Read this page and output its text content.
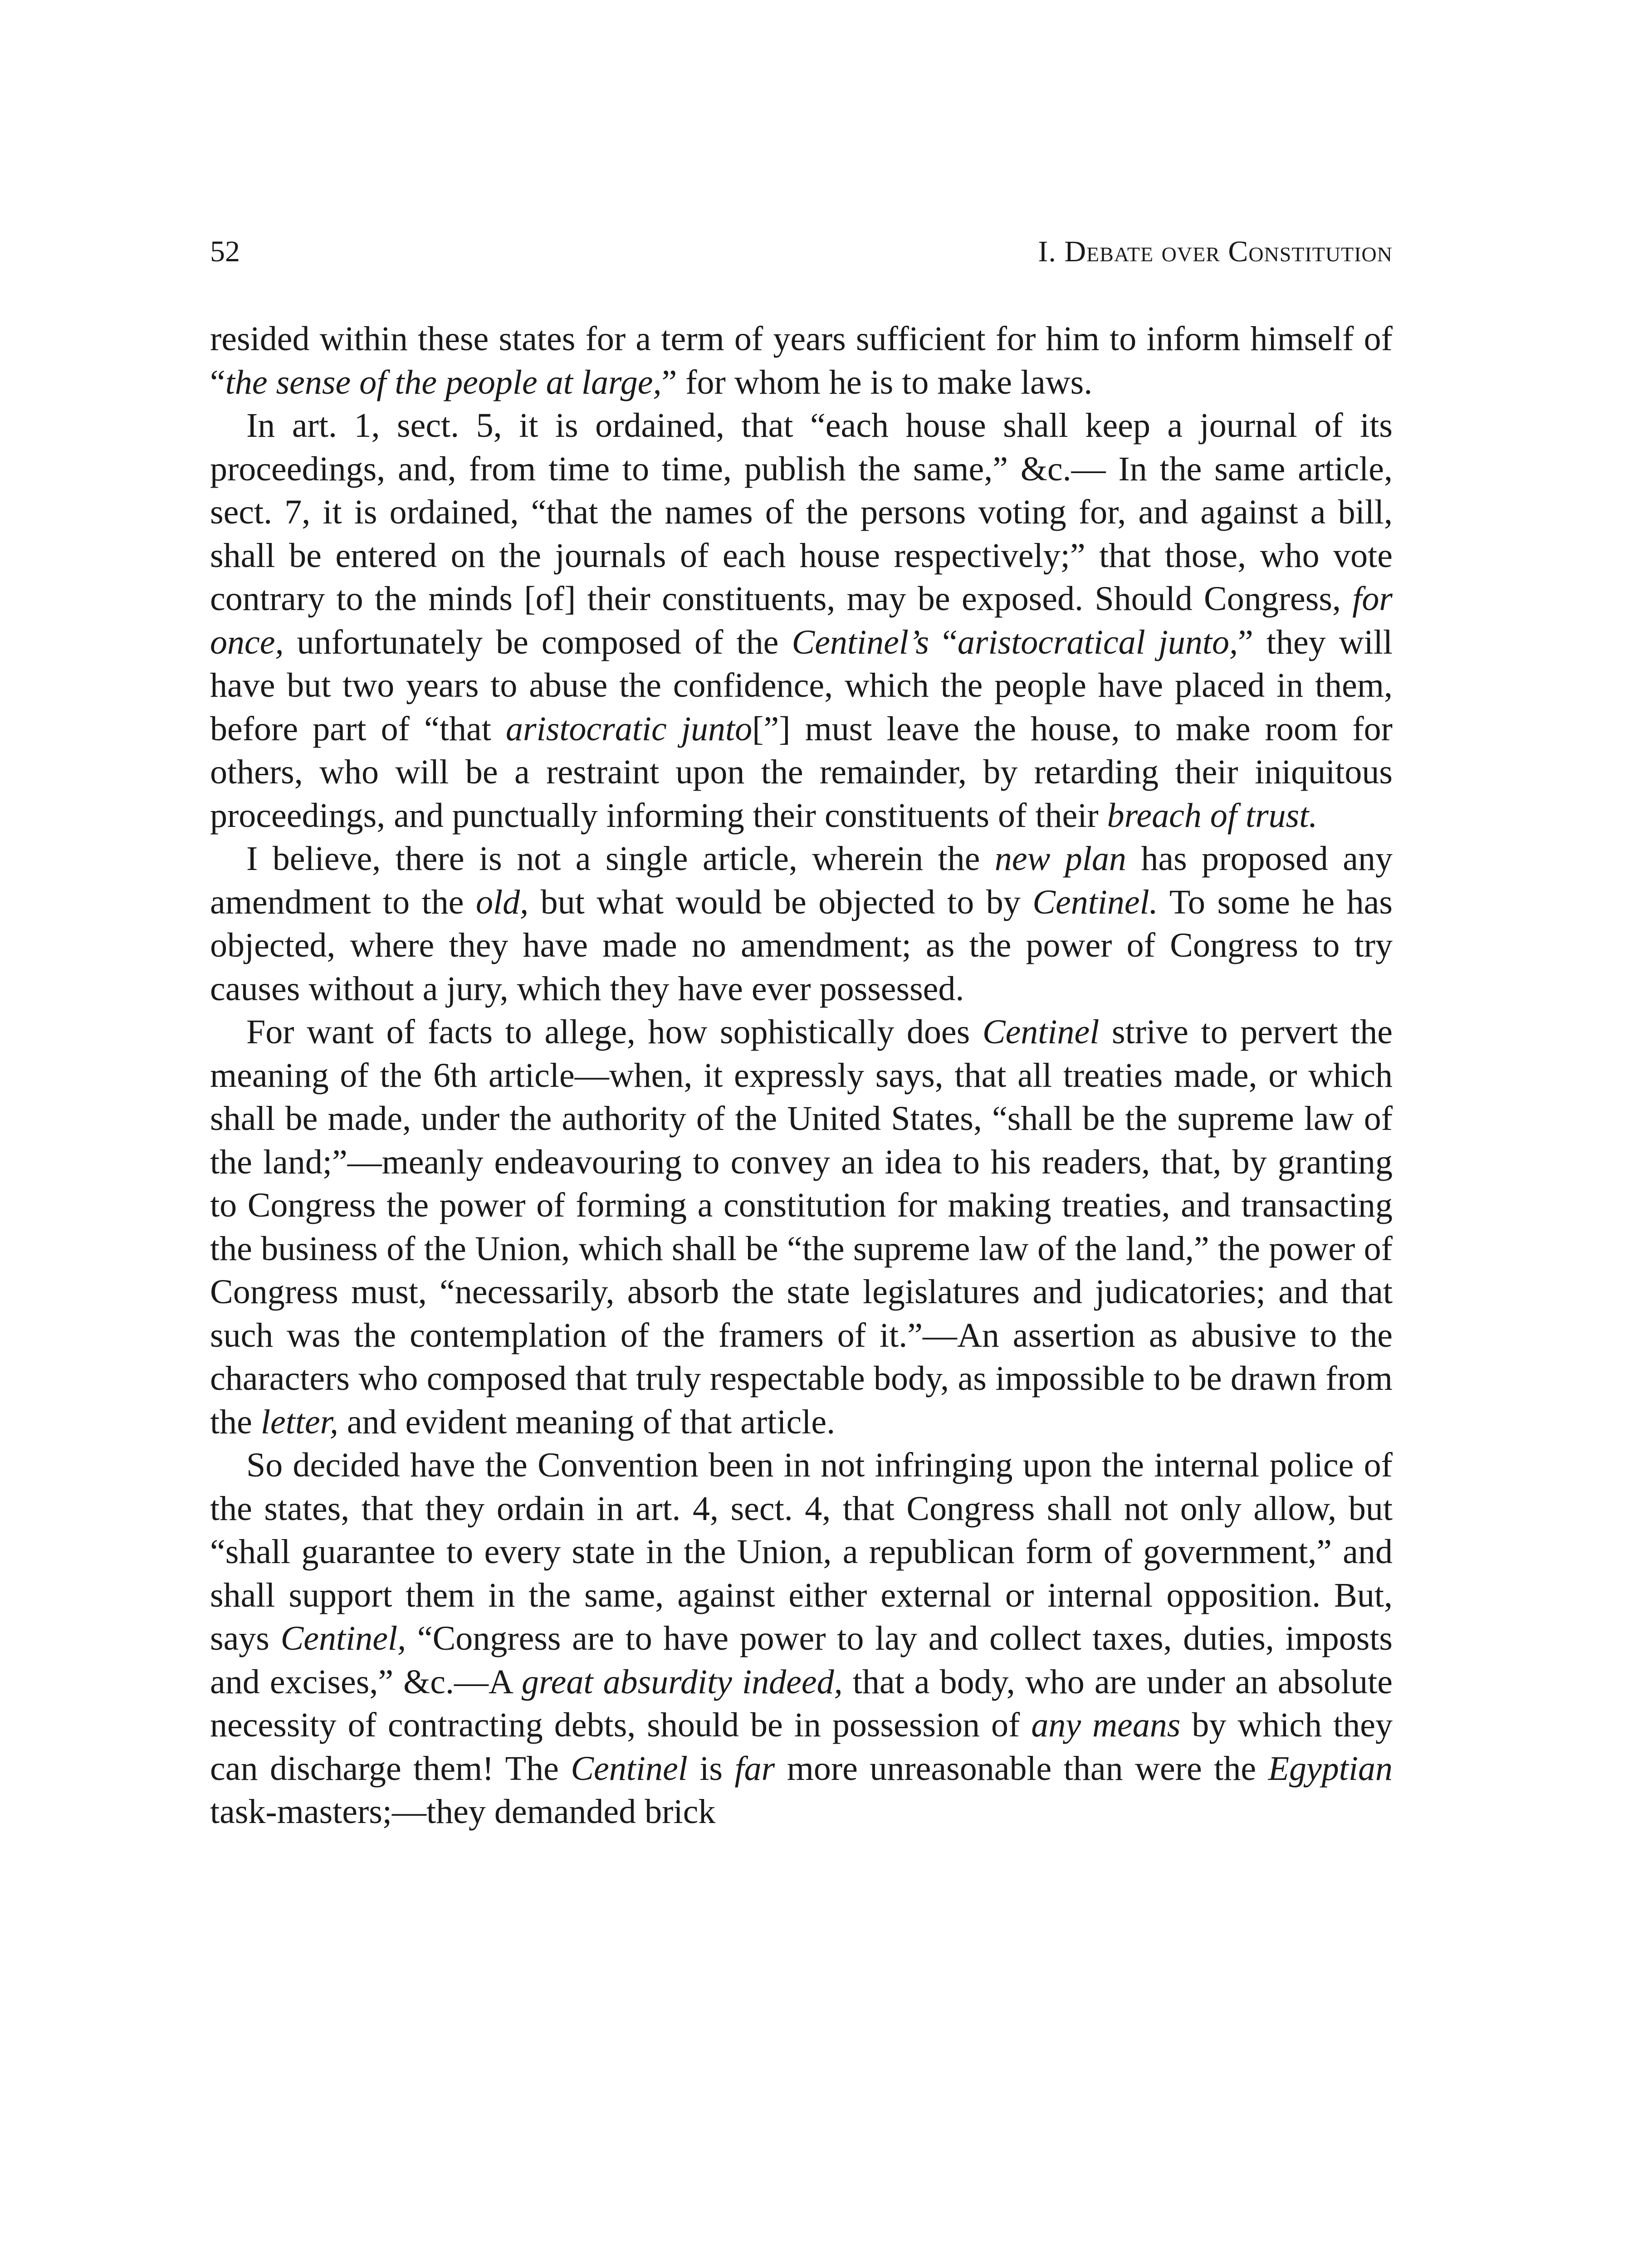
52	I. Debate over Constitution

resided within these states for a term of years sufficient for him to inform himself of “the sense of the people at large,” for whom he is to make laws.

In art. 1, sect. 5, it is ordained, that “each house shall keep a journal of its proceedings, and, from time to time, publish the same,” &c.— In the same article, sect. 7, it is ordained, “that the names of the persons voting for, and against a bill, shall be entered on the journals of each house respectively;” that those, who vote contrary to the minds [of] their constituents, may be exposed. Should Congress, for once, unfortunately be composed of the Centinel’s “aristocratical junto,” they will have but two years to abuse the confidence, which the people have placed in them, before part of “that aristocratic junto[”] must leave the house, to make room for others, who will be a restraint upon the remainder, by retarding their iniquitous proceedings, and punctually informing their constituents of their breach of trust.

I believe, there is not a single article, wherein the new plan has proposed any amendment to the old, but what would be objected to by Centinel. To some he has objected, where they have made no amendment; as the power of Congress to try causes without a jury, which they have ever possessed.

For want of facts to allege, how sophistically does Centinel strive to pervert the meaning of the 6th article—when, it expressly says, that all treaties made, or which shall be made, under the authority of the United States, “shall be the supreme law of the land;”—meanly endeavouring to convey an idea to his readers, that, by granting to Congress the power of forming a constitution for making treaties, and transacting the business of the Union, which shall be “the supreme law of the land,” the power of Congress must, “necessarily, absorb the state legislatures and judicatories; and that such was the contemplation of the framers of it.”—An assertion as abusive to the characters who composed that truly respectable body, as impossible to be drawn from the letter, and evident meaning of that article.

So decided have the Convention been in not infringing upon the internal police of the states, that they ordain in art. 4, sect. 4, that Congress shall not only allow, but “shall guarantee to every state in the Union, a republican form of government,” and shall support them in the same, against either external or internal opposition. But, says Centinel, “Congress are to have power to lay and collect taxes, duties, imposts and excises,” &c.—A great absurdity indeed, that a body, who are under an absolute necessity of contracting debts, should be in possession of any means by which they can discharge them! The Centinel is far more unreasonable than were the Egyptian task-masters;—they demanded brick
